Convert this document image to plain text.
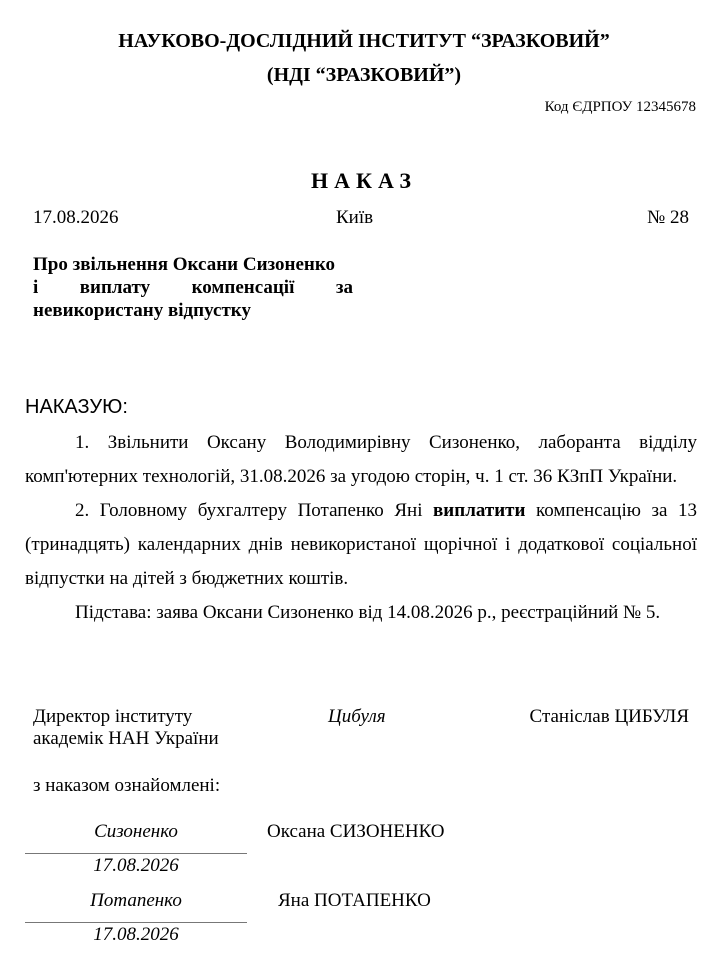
НАУКОВО-ДОСЛІДНИЙ ІНСТИТУТ “ЗРАЗКОВИЙ”
(НДІ “ЗРАЗКОВИЙ”)
Код ЄДРПОУ 12345678
НАКАЗ
17.08.2026	Київ	№ 28
Про звільнення Оксани Сизоненко
і виплату компенсації за
невикористану відпустку
НАКАЗУЮ:
1. Звільнити Оксану Володимирівну Сизоненко, лаборанта відділу комп'ютерних технологій, 31.08.2026 за угодою сторін, ч. 1 ст. 36 КЗпП України.
2. Головному бухгалтеру Потапенко Яні виплатити компенсацію за 13 (тринадцять) календарних днів невикористаної щорічної і додаткової соціальної відпустки на дітей з бюджетних коштів.
Підстава: заява Оксани Сизоненко від 14.08.2026 р., реєстраційний № 5.
Директор інституту
академік НАН України
Цибуля	Станіслав ЦИБУЛЯ
з наказом ознайомлені:
Сизоненко
17.08.2026
Оксана СИЗОНЕНКО
Потапенко
17.08.2026
Яна ПОТАПЕНКО
